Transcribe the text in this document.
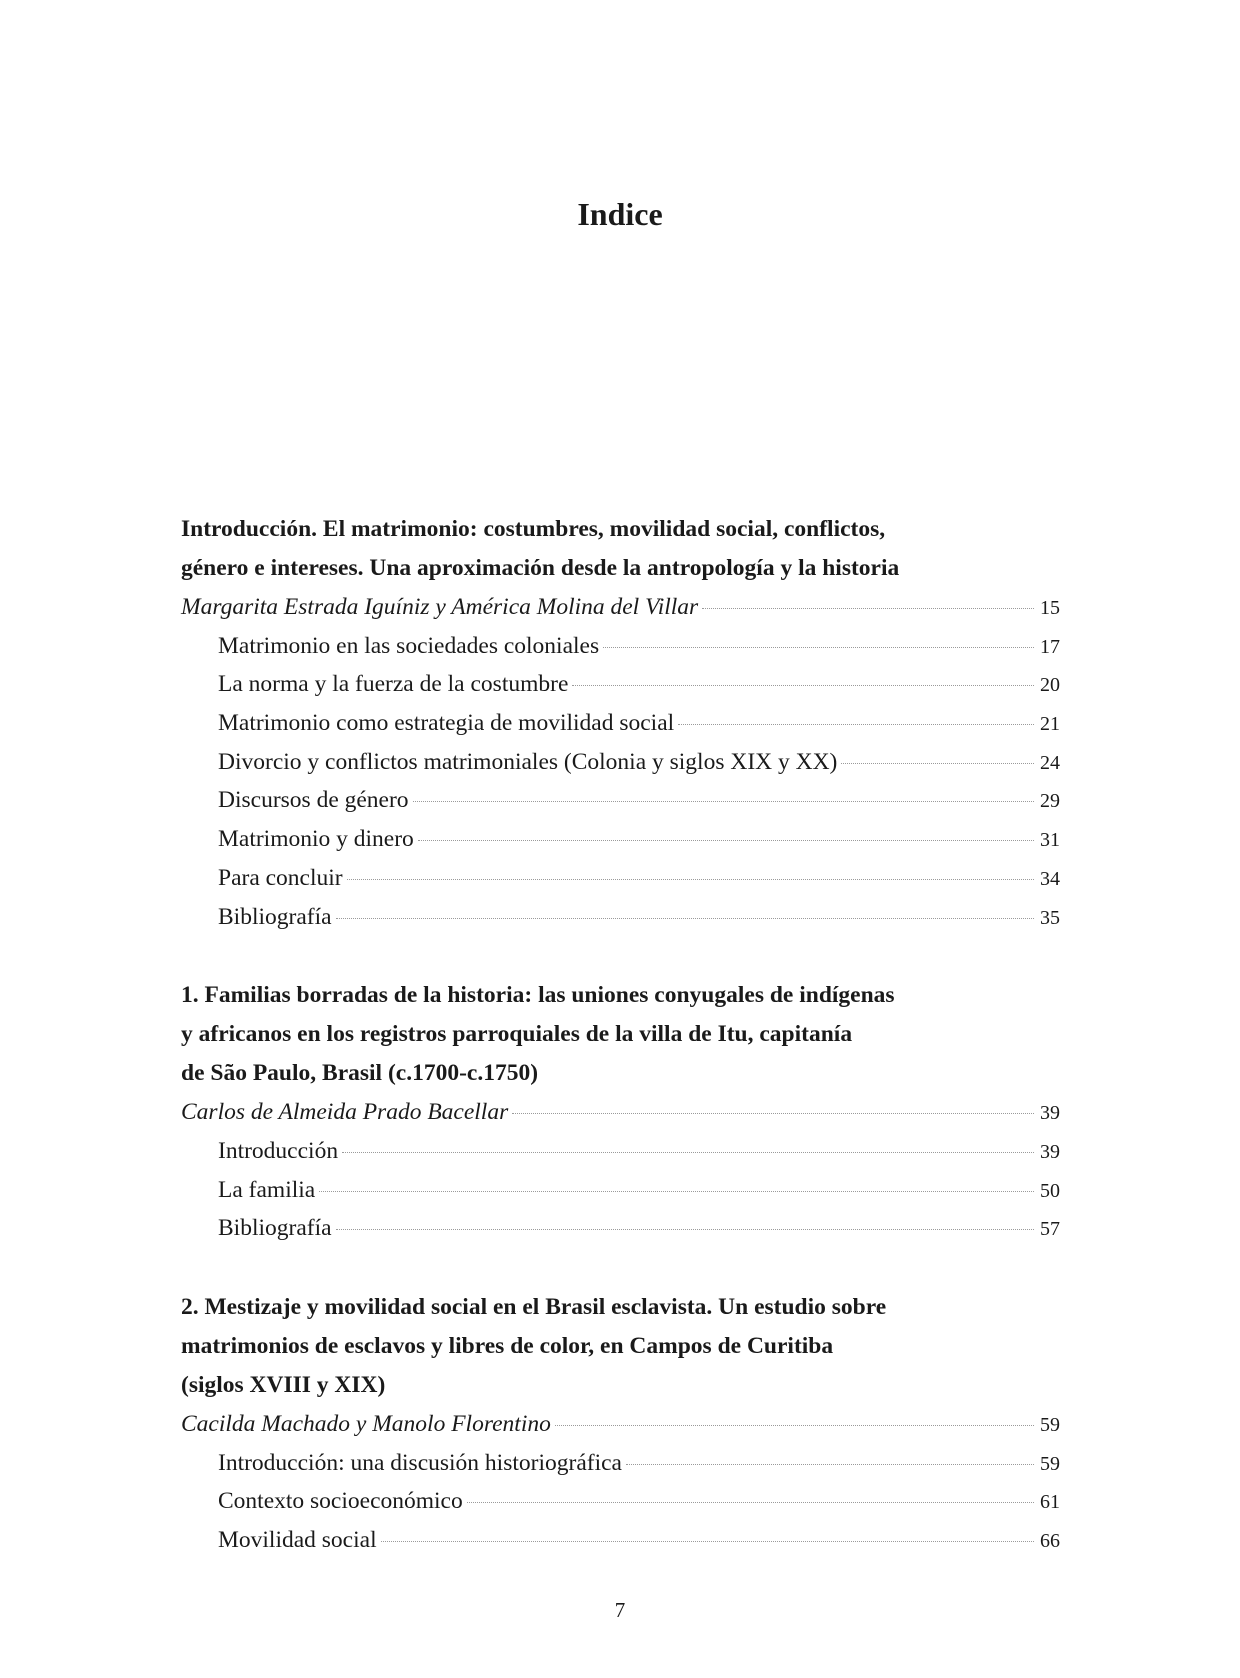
Indice
Introducción. El matrimonio: costumbres, movilidad social, conflictos,
género e intereses. Una aproximación desde la antropología y la historia
Margarita Estrada Iguíniz y América Molina del Villar	15
Matrimonio en las sociedades coloniales	17
La norma y la fuerza de la costumbre	20
Matrimonio como estrategia de movilidad social	21
Divorcio y conflictos matrimoniales (Colonia y siglos XIX y XX)	24
Discursos de género	29
Matrimonio y dinero	31
Para concluir	34
Bibliografía	35
1. Familias borradas de la historia: las uniones conyugales de indígenas
y africanos en los registros parroquiales de la villa de Itu, capitanía
de São Paulo, Brasil (c.1700-c.1750)
Carlos de Almeida Prado Bacellar	39
Introducción	39
La familia	50
Bibliografía	57
2. Mestizaje y movilidad social en el Brasil esclavista. Un estudio sobre
matrimonios de esclavos y libres de color, en Campos de Curitiba
(siglos XVIII y XIX)
Cacilda Machado y Manolo Florentino	59
Introducción: una discusión historiográfica	59
Contexto socioeconómico	61
Movilidad social	66
7
